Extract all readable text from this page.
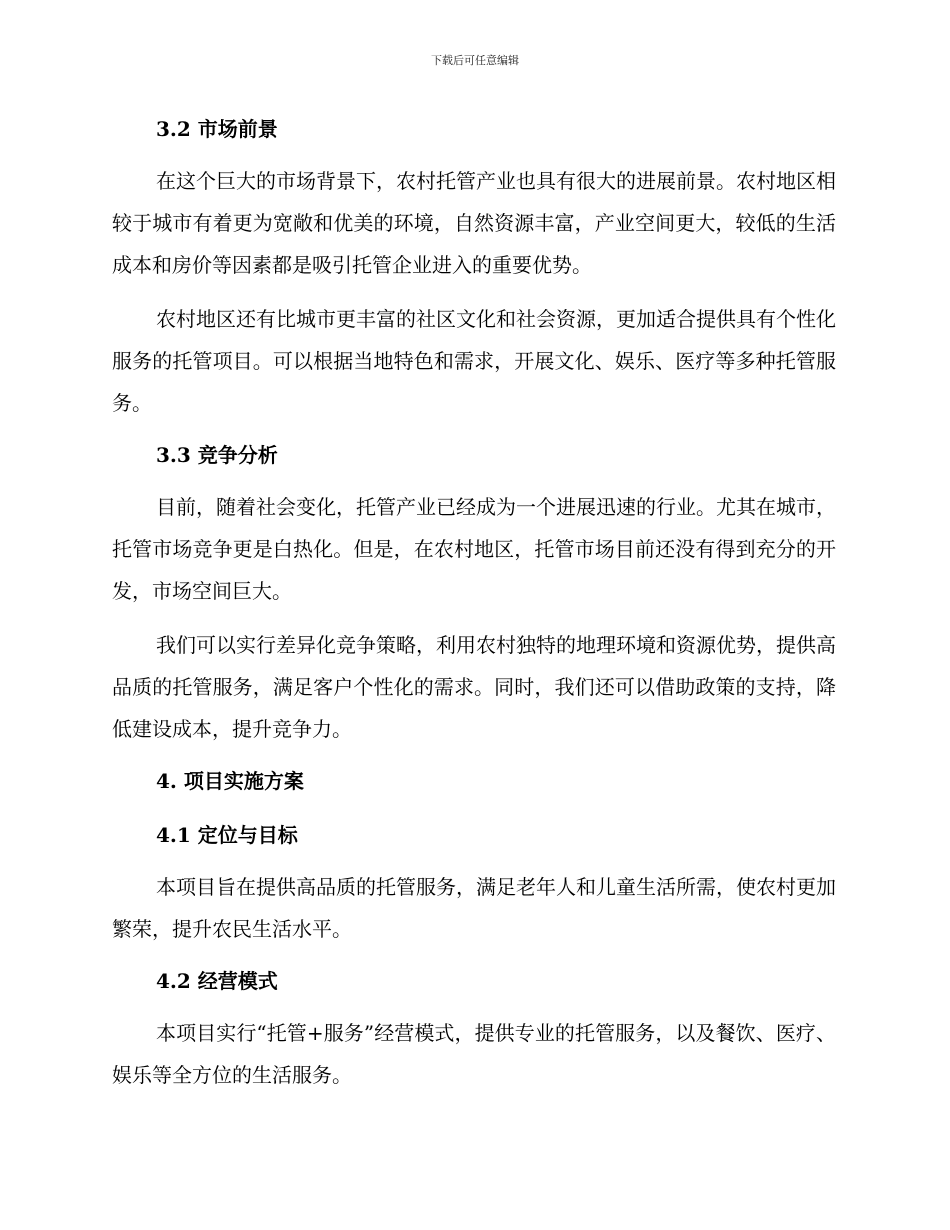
下载后可任意编辑
3.2 市场前景

在这个巨大的市场背景下，农村托管产业也具有很大的进展前景。农村地区相较于城市有着更为宽敞和优美的环境，自然资源丰富，产业空间更大，较低的生活成本和房价等因素都是吸引托管企业进入的重要优势。

农村地区还有比城市更丰富的社区文化和社会资源，更加适合提供具有个性化服务的托管项目。可以根据当地特色和需求，开展文化、娱乐、医疗等多种托管服务。

3.3 竞争分析

目前，随着社会变化，托管产业已经成为一个进展迅速的行业。尤其在城市，托管市场竞争更是白热化。但是，在农村地区，托管市场目前还没有得到充分的开发，市场空间巨大。

我们可以实行差异化竞争策略，利用农村独特的地理环境和资源优势，提供高品质的托管服务，满足客户个性化的需求。同时，我们还可以借助政策的支持，降低建设成本，提升竞争力。

4. 项目实施方案
4.1 定位与目标

本项目旨在提供高品质的托管服务，满足老年人和儿童生活所需，使农村更加繁荣，提升农民生活水平。

4.2 经营模式

本项目实行“托管+服务”经营模式，提供专业的托管服务，以及餐饮、医疗、娱乐等全方位的生活服务。
